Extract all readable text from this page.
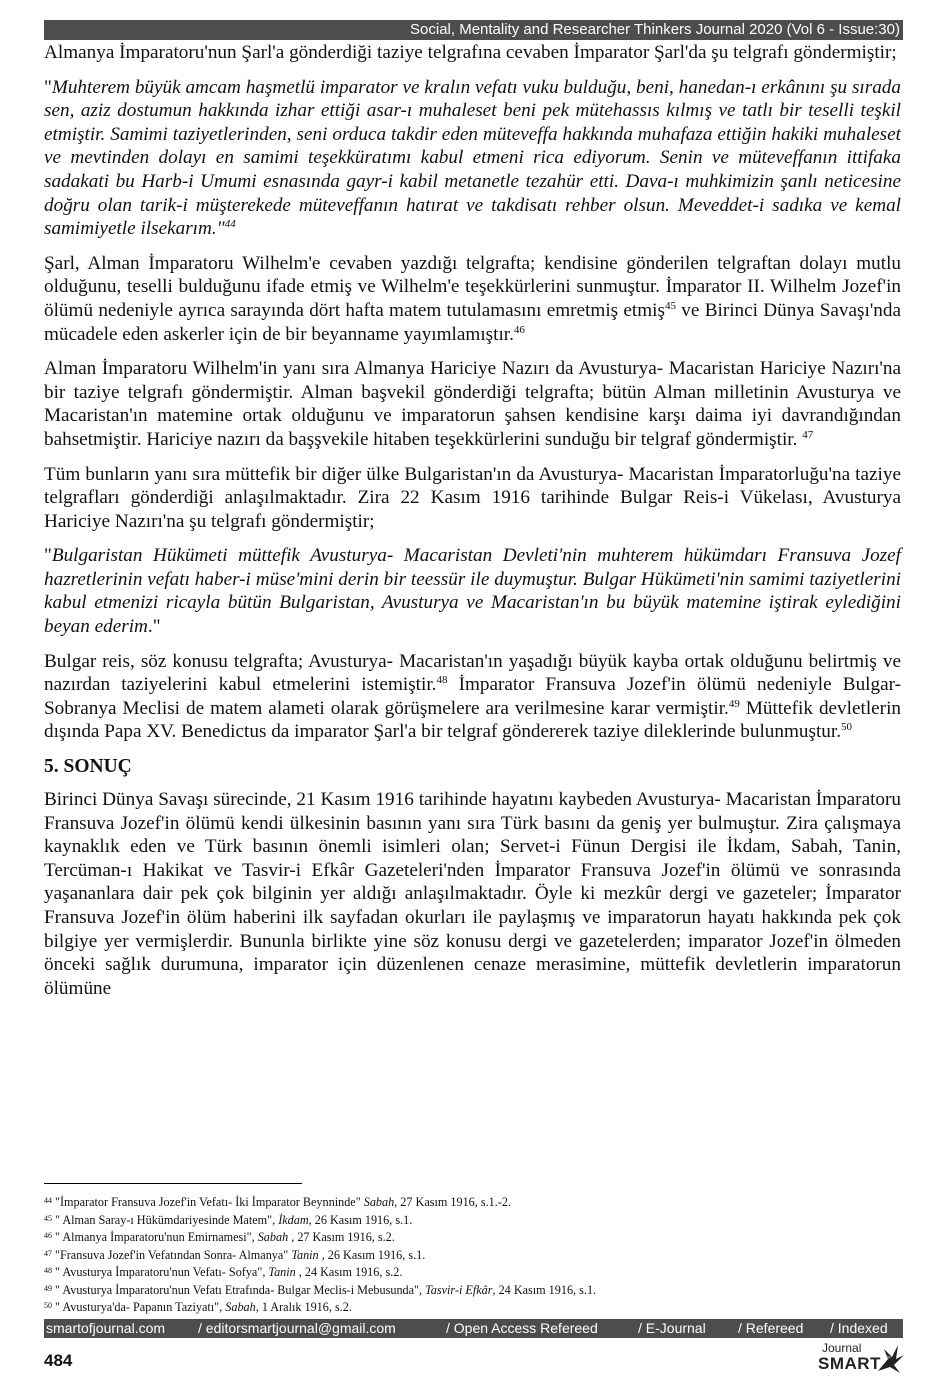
Social, Mentality and Researcher Thinkers Journal 2020 (Vol 6 - Issue:30)

Almanya İmparatoru'nun Şarl'a gönderdiği taziye telgrafına cevaben İmparator Şarl'da şu telgrafı göndermiştir;

"Muhterem büyük amcam haşmetlü imparator ve kralın vefatı vuku bulduğu, beni, hanedan-ı erkânını şu sırada sen, aziz dostumun hakkında izhar ettiği asar-ı muhaleset beni pek mütehassıs kılmış ve tatlı bir teselli teşkil etmiştir. Samimi taziyetlerinden, seni orduca takdir eden müteveffa hakkında muhafaza ettiğin hakiki muhaleset ve mevtinden dolayı en samimi teşekküratımı kabul etmeni rica ediyorum. Senin ve müteveffanın ittifaka sadakati bu Harb-i Umumi esnasında gayr-i kabil metanetle tezahür etti. Dava-ı muhkimizin şanlı neticesine doğru olan tarik-i müşterekede müteveffanın hatırat ve takdisatı rehber olsun. Meveddet-i sadıka ve kemal samimiyetle ilsekarım."$^{44}$

Şarl, Alman İmparatoru Wilhelm'e cevaben yazdığı telgrafta; kendisine gönderilen telgraftan dolayı mutlu olduğunu, teselli bulduğunu ifade etmiş ve Wilhelm'e teşekkürlerini sunmuştur. İmparator II. Wilhelm Jozef'in ölümü nedeniyle ayrıca sarayında dört hafta matem tutulamasını emretmiş etmiş$^{45}$ ve Birinci Dünya Savaşı'nda mücadele eden askerler için de bir beyanname yayımlamıştır.$^{46}$

Alman İmparatoru Wilhelm'in yanı sıra Almanya Hariciye Nazırı da Avusturya- Macaristan Hariciye Nazırı'na bir taziye telgrafı göndermiştir. Alman başvekil gönderdiği telgrafta; bütün Alman milletinin Avusturya ve Macaristan'ın matemine ortak olduğunu ve imparatorun şahsen kendisine karşı daima iyi davrandığından bahsetmiştir. Hariciye nazırı da başşvekile hitaben teşekkürlerini sunduğu bir telgraf göndermiştir. $^{47}$

Tüm bunların yanı sıra müttefik bir diğer ülke Bulgaristan'ın da Avusturya- Macaristan İmparatorluğu'na taziye telgrafları gönderdiği anlaşılmaktadır. Zira 22 Kasım 1916 tarihinde Bulgar Reis-i Vükelası, Avusturya Hariciye Nazırı'na şu telgrafı göndermiştir;

"Bulgaristan Hükümeti müttefik Avusturya- Macaristan Devleti'nin muhterem hükümdarı Fransuva Jozef hazretlerinin vefatı haber-i müse'mini derin bir teessür ile duymuştur. Bulgar Hükümeti'nin samimi taziyetlerini kabul etmenizi ricayla bütün Bulgaristan, Avusturya ve Macaristan'ın bu büyük matemine iştirak eylediğini beyan ederim."

Bulgar reis, söz konusu telgrafta; Avusturya- Macaristan'ın yaşadığı büyük kayba ortak olduğunu belirtmiş ve nazırdan taziyelerini kabul etmelerini istemiştir.$^{48}$ İmparator Fransuva Jozef'in ölümü nedeniyle Bulgar- Sobranya Meclisi de matem alameti olarak görüşmelere ara verilmesine karar vermiştir.$^{49}$ Müttefik devletlerin dışında Papa XV. Benedictus da imparator Şarl'a bir telgraf göndererek taziye dileklerinde bulunmuştur.$^{50}$

5. SONUÇ

Birinci Dünya Savaşı sürecinde, 21 Kasım 1916 tarihinde hayatını kaybeden Avusturya- Macaristan İmparatoru Fransuva Jozef'in ölümü kendi ülkesinin basının yanı sıra Türk basını da geniş yer bulmuştur. Zira çalışmaya kaynaklık eden ve Türk basının önemli isimleri olan; Servet-i Fünun Dergisi ile İkdam, Sabah, Tanin, Tercüman-ı Hakikat ve Tasvir-i Efkâr Gazeteleri'nden İmparator Fransuva Jozef'in ölümü ve sonrasında yaşananlara dair pek çok bilginin yer aldığı anlaşılmaktadır. Öyle ki mezkûr dergi ve gazeteler; İmparator Fransuva Jozef'in ölüm haberini ilk sayfadan okurları ile paylaşmış ve imparatorun hayatı hakkında pek çok bilgiye yer vermişlerdir. Bununla birlikte yine söz konusu dergi ve gazetelerden; imparator Jozef'in ölmeden önceki sağlık durumuna, imparator için düzenlenen cenaze merasimine, müttefik devletlerin imparatorun ölümüne

$^{44}$ "İmparator Fransuva Jozef'in Vefatı- İki İmparator Beynninde" Sabah, 27 Kasım 1916, s.1.-2.
$^{45}$ " Alman Saray-ı Hükümdariyesinde Matem", İkdam, 26 Kasım 1916, s.1.
$^{46}$ " Almanya İmparatoru'nun Emirnamesi", Sabah , 27 Kasım 1916, s.2.
$^{47}$ "Fransuva Jozef'in Vefatından Sonra- Almanya" Tanin , 26 Kasım 1916, s.1.
$^{48}$ " Avusturya İmparatoru'nun Vefatı- Sofya", Tanin , 24 Kasım 1916, s.2.
$^{49}$ " Avusturya İmparatoru'nun Vefatı Etrafında- Bulgar Meclis-i Mebusunda", Tasvir-i Efkâr, 24 Kasım 1916, s.1.
$^{50}$ " Avusturya'da- Papanın Taziyatı", Sabah, 1 Aralık 1916, s.2.
smartofjournal.com / editorsmartjournal@gmail.com	/ Open Access Refereed	/ E-Journal / Refereed / Indexed
484
Journal
SMART
